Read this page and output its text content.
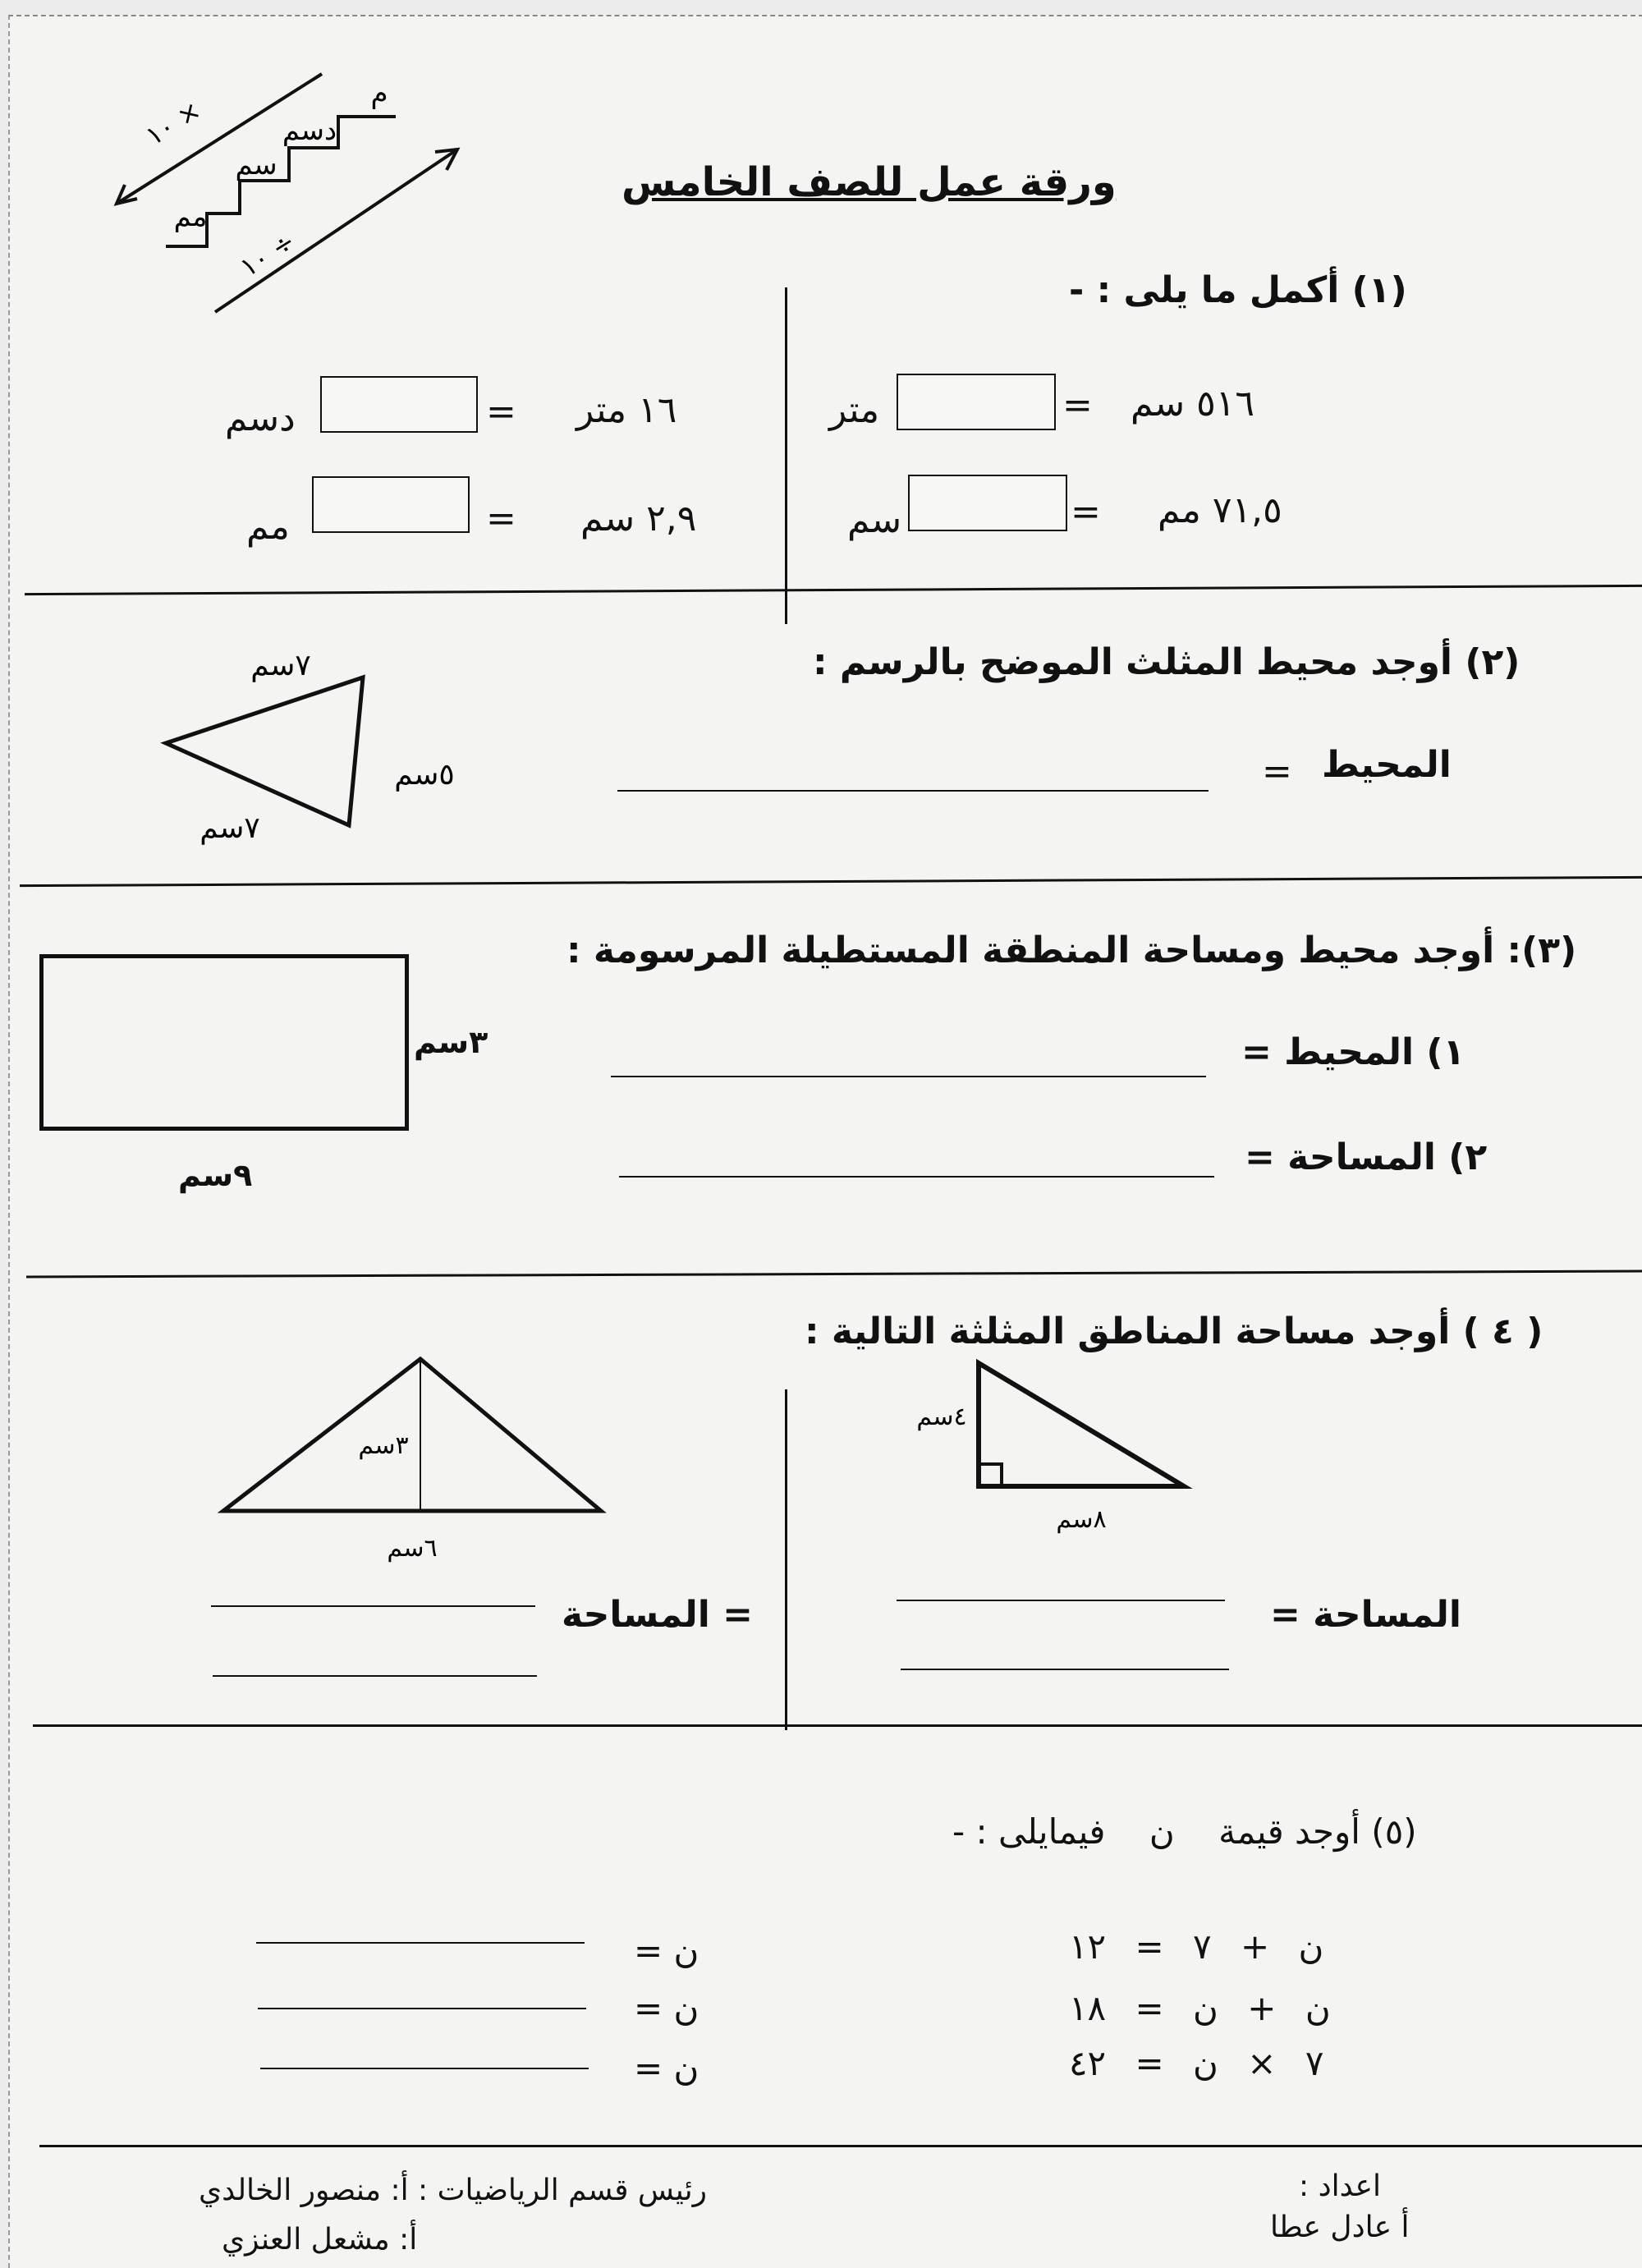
م
دسم
سم
مم
× ١٠
÷ ١٠
ورقة عمل للصف الخامس
(١) أكمل ما يلى : -
٥١٦ سم
=
متر
٧١,٥ مم
=
سم
١٦ متر
=
دسم
٢,٩ سم
=
مم
(٢) أوجد محيط المثلث الموضح بالرسم :
المحيط
=
٧سم
٥سم
٧سم
(٣): أوجد محيط ومساحة المنطقة المستطيلة المرسومة :
٣سم
٩سم
١) المحيط =
٢) المساحة =
( ٤ ) أوجد مساحة المناطق المثلثة التالية :
٤سم
٨سم
٣سم
٦سم
المساحة =
= المساحة
(٥) أوجد قيمة    ن    فيمايلى : -
ن + ٧ = ١٢
ن + ن = ١٨
٧ × ن = ٤٢
ن =
ن =
ن =
اعداد :
أ عادل عطا
رئيس قسم الرياضيات : أ: منصور الخالدي
أ: مشعل العنزي
